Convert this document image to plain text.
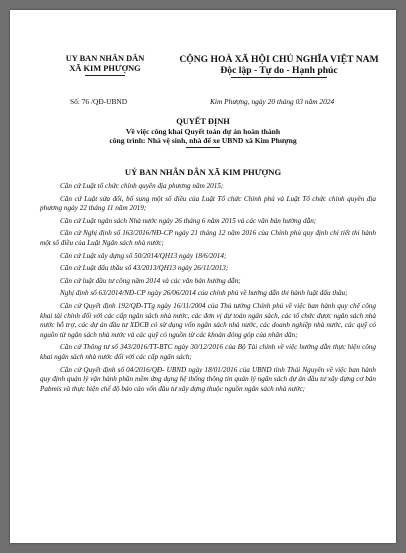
UY BAN NHÂN DÂN
XÃ KIM PHƯỢNG
CỘNG HOÀ XÃ HỘI CHỦ NGHĨA VIỆT NAM
Độc lập - Tự do - Hạnh phúc
Số: 76 /QĐ-UBND	Kim Phượng, ngày 20 tháng 03 năm 2024
QUYẾT ĐỊNH
Về việc công khai Quyết toán dự án hoàn thành
công trình: Nhà vệ sinh, nhà để xe UBND xã Kim Phượng
UỶ BAN NHÂN DÂN XÃ KIM PHƯỢNG

Căn cứ Luật tổ chức chính quyền địa phương năm 2015;

Căn cứ Luật sửa đổi, bổ sung một số điều của Luật Tổ chức Chính phủ và Luật Tổ chức chính quyền địa phương ngày 22 tháng 11 năm 2019;

Căn cứ Luật ngân sách Nhà nước ngày 26 tháng 6 năm 2015 và các văn bản hướng dẫn;

Căn cứ Nghị định số 163/2016/NĐ-CP ngày 21 tháng 12 năm 2016 của Chính phủ quy định chi tiết thi hành một số điều của Luật Ngân sách nhà nước;

Căn cứ Luật xây dựng số 50/2014/QH13 ngày 18/6/2014;

Căn cứ Luật đấu thầu số 43/2013/QH13 ngày 26/11/2013;

Căn cứ luật đầu tư công năm 2014 và các văn bản hướng dẫn;

Nghị định số 63/2014/NĐ-CP ngày 26/06/2014 của chính phủ về hướng dẫn thi hành luật đấu thầu;

Căn cứ Quyết định 192/QĐ-TTg ngày 16/11/2004 của Thủ tướng Chính phủ về việc ban hành quy chế công khai tài chính đối với các cấp ngân sách nhà nước, các đơn vị dự toán ngân sách, các tổ chức được ngân sách nhà nước hỗ trợ, các dự án đầu tư XDCB có sử dụng vốn ngân sách nhà nước, các doanh nghiệp nhà nước, các quỹ có nguồn từ ngân sách nhà nước và các quỹ có nguồn từ các khoản đóng góp của nhân dân;

Căn cứ Thông tư số 343/2016/TT-BTC ngày 30/12/2016 của Bộ Tài chính về việc hướng dẫn thực hiện công khai ngân sách nhà nước đối với các cấp ngân sách;

Căn cứ Quyết định số 04/2016/QĐ- UBND ngày 18/01/2016 của UBND tỉnh Thái Nguyên về việc ban hành quy định quản lý vận hành phần mềm ứng dụng hệ thống thông tin quản lý ngân sách dự án đầu tư xây dựng cơ bản Pabmis và thực hiện chế độ báo cáo vốn đầu tư xây dựng thuộc nguồn ngân sách nhà nước;
